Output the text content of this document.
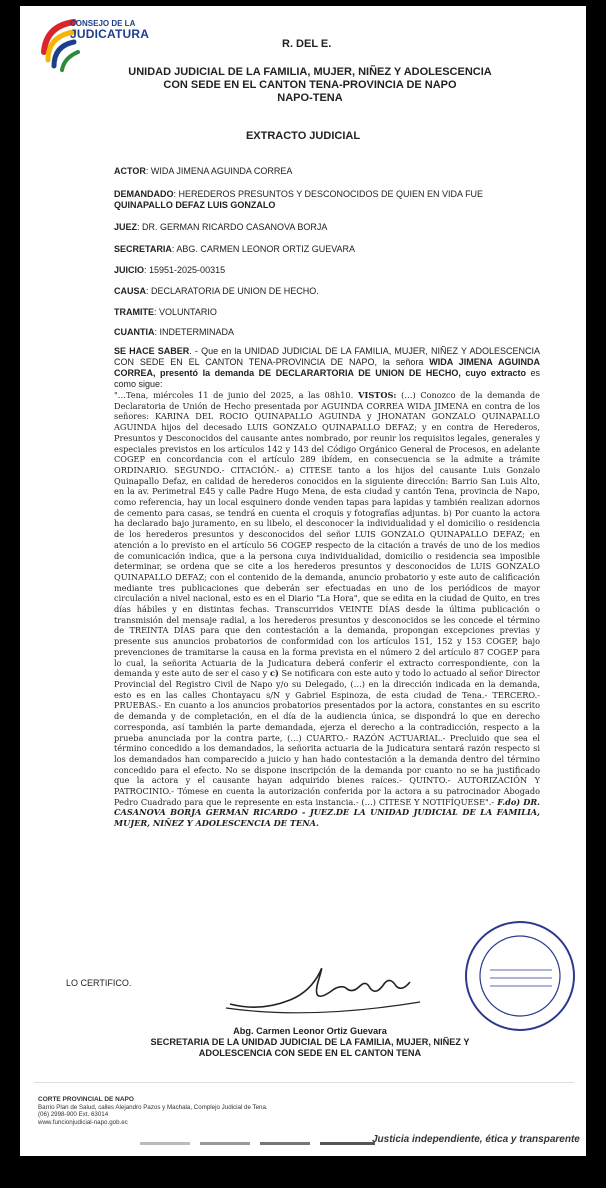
CONSEJO DE LA
JUDICATURA
R. DEL E.
UNIDAD JUDICIAL DE LA FAMILIA, MUJER, NIÑEZ Y ADOLESCENCIA
CON SEDE EN EL CANTON TENA-PROVINCIA DE NAPO
NAPO-TENA
EXTRACTO JUDICIAL
ACTOR: WIDA JIMENA AGUINDA CORREA
DEMANDADO: HEREDEROS PRESUNTOS Y DESCONOCIDOS DE QUIEN EN VIDA FUE
QUINAPALLO DEFAZ LUIS GONZALO
JUEZ: DR. GERMAN RICARDO CASANOVA BORJA
SECRETARIA: ABG. CARMEN LEONOR ORTIZ GUEVARA
JUICIO: 15951-2025-00315
CAUSA: DECLARATORIA DE UNION DE HECHO.
TRAMITE: VOLUNTARIO
CUANTIA: INDETERMINADA
SE HACE SABER. - Que en la UNIDAD JUDICIAL DE LA FAMILIA, MUJER, NIÑEZ Y ADOLESCENCIA CON SEDE EN EL CANTON TENA-PROVINCIA DE NAPO, la señora WIDA JIMENA AGUINDA CORREA, presentó la demanda DE DECLARARTORIA DE UNION DE HECHO, cuyo extracto es como sigue:
"…Tena, miércoles 11 de junio del 2025, a las 08h10. VISTOS: (…) Conozco de la demanda de Declaratoria de Unión de Hecho presentada por AGUINDA CORREA WIDA JIMENA en contra de los señores: KARINA DEL ROCIO QUINAPALLO AGUINDA y JHONATAN GONZALO QUINAPALLO AGUINDA hijos del decesado LUIS GONZALO QUINAPALLO DEFAZ; y en contra de Herederos, Presuntos y Desconocidos del causante antes nombrado, por reunir los requisitos legales, generales y especiales previstos en los artículos 142 y 143 del Código Orgánico General de Procesos, en adelante COGEP en concordancia con el artículo 289 ibídem, en consecuencia se la admite a trámite ORDINARIO. SEGUNDO.- CITACIÓN.- a) CITESE tanto a los hijos del causante Luis Gonzalo Quinapallo Defaz, en calidad de herederos conocidos en la siguiente dirección: Barrio San Luis Alto, en la av. Perimetral E45 y calle Padre Hugo Mena, de esta ciudad y cantón Tena, provincia de Napo, como referencia, hay un local esquinero donde venden tapas para lapidas y también realizan adornos de cemento para casas, se tendrá en cuenta el croquis y fotografías adjuntas. b) Por cuanto la actora ha declarado bajo juramento, en su libelo, el desconocer la individualidad y el domicilio o residencia de los herederos presuntos y desconocidos del señor LUIS GONZALO QUINAPALLO DEFAZ; en atención a lo previsto en el artículo 56 COGEP respecto de la citación a través de uno de los medios de comunicación indica, que a la persona cuya individualidad, domicilio o residencia sea imposible determinar, se ordena que se cite a los herederos presuntos y desconocidos de LUIS GONZALO QUINAPALLO DEFAZ; con el contenido de la demanda, anuncio probatorio y este auto de calificación mediante tres publicaciones que deberán ser efectuadas en uno de los periódicos de mayor circulación a nivel nacional, esto es en el Diario "La Hora", que se edita en la ciudad de Quito, en tres días hábiles y en distintas fechas. Transcurridos VEINTE DÍAS desde la última publicación o transmisión del mensaje radial, a los herederos presuntos y desconocidos se les concede el término de TREINTA DÍAS para que den contestación a la demanda, propongan excepciones previas y presente sus anuncios probatorios de conformidad con los artículos 151, 152 y 153 COGEP, bajo prevenciones de tramitarse la causa en la forma prevista en el número 2 del artículo 87 COGEP para lo cual, la señorita Actuaria de la Judicatura deberá conferir el extracto correspondiente, con la demanda y este auto de ser el caso y c) Se notificara con este auto y todo lo actuado al señor Director Provincial del Registro Civil de Napo y/o su Delegado, (…) en la dirección indicada en la demanda, esto es en las calles Chontayacu s/N y Gabriel Espinoza, de esta ciudad de Tena.- TERCERO.- PRUEBAS.- En cuanto a los anuncios probatorios presentados por la actora, constantes en su escrito de demanda y de completación, en el día de la audiencia única, se dispondrá lo que en derecho corresponda, así también la parte demandada, ejerza el derecho a la contradicción, respecto a la prueba anunciada por la contra parte, (…) CUARTO.- RAZÓN ACTUARIAL.- Precluido que sea el término concedido a los demandados, la señorita actuaria de la Judicatura sentará razón respecto si los demandados han comparecido a juicio y han hado contestación a la demanda dentro del término concedido para el efecto. No se dispone inscripción de la demanda por cuanto no se ha justificado que la actora y el causante hayan adquirido bienes raíces.- QUINTO.- AUTORIZACIÓN Y PATROCINIO.- Tómese en cuenta la autorización conferida por la actora a su patrocinador Abogado Pedro Cuadrado para que le represente en esta instancia.- (…) CITESE Y NOTIFÍQUESE".- F.do) DR. CASANOVA BORJA GERMAN RICARDO - JUEZ.DE LA UNIDAD JUDICIAL DE LA FAMILIA, MUJER, NIÑEZ Y ADOLESCENCIA DE TENA.
LO CERTIFICO.
Abg. Carmen Leonor Ortiz Guevara
SECRETARIA DE LA UNIDAD JUDICIAL DE LA FAMILIA, MUJER, NIÑEZ Y
ADOLESCENCIA CON SEDE EN EL CANTON TENA
CORTE PROVINCIAL DE NAPO
Barrio Plan de Salud, calles Alejandro Pazos y Machala, Complejo Judicial de Tena.
(06) 2998-900 Ext. 63014
www.funcionjudicial-napo.gob.ec
Justicia independiente, ética y transparente
